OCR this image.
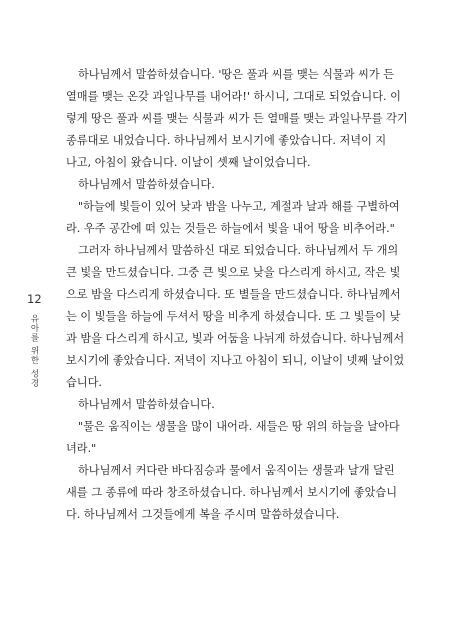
12
유아를 위한 성경
하나님께서 말씀하셨습니다. '땅은 풀과 씨를 맺는 식물과 씨가 든
열매를 맺는 온갖 과일나무를 내어라!' 하시니, 그대로 되었습니다. 이
렇게 땅은 풀과 씨를 맺는 식물과 씨가 든 열매를 맺는 과일나무를 각기
종류대로 내었습니다. 하나님께서 보시기에 좋았습니다. 저녁이 지
나고, 아침이 왔습니다. 이날이 셋째 날이었습니다.
하나님께서 말씀하셨습니다.
"하늘에 빛들이 있어 낮과 밤을 나누고, 계절과 날과 해를 구별하여
라. 우주 공간에 떠 있는 것들은 하늘에서 빛을 내어 땅을 비추어라."
그러자 하나님께서 말씀하신 대로 되었습니다. 하나님께서 두 개의
큰 빛을 만드셨습니다. 그중 큰 빛으로 낮을 다스리게 하시고, 작은 빛
으로 밤을 다스리게 하셨습니다. 또 별들을 만드셨습니다. 하나님께서
는 이 빛들을 하늘에 두셔서 땅을 비추게 하셨습니다. 또 그 빛들이 낮
과 밤을 다스리게 하시고, 빛과 어둠을 나뉘게 하셨습니다. 하나님께서
보시기에 좋았습니다. 저녁이 지나고 아침이 되니, 이날이 넷째 날이었
습니다.
하나님께서 말씀하셨습니다.
"물은 움직이는 생물을 많이 내어라. 새들은 땅 위의 하늘을 날아다
녀라."
하나님께서 커다란 바다짐승과 물에서 움직이는 생물과 날개 달린
새를 그 종류에 따라 창조하셨습니다. 하나님께서 보시기에 좋았습니
다. 하나님께서 그것들에게 복을 주시며 말씀하셨습니다.
